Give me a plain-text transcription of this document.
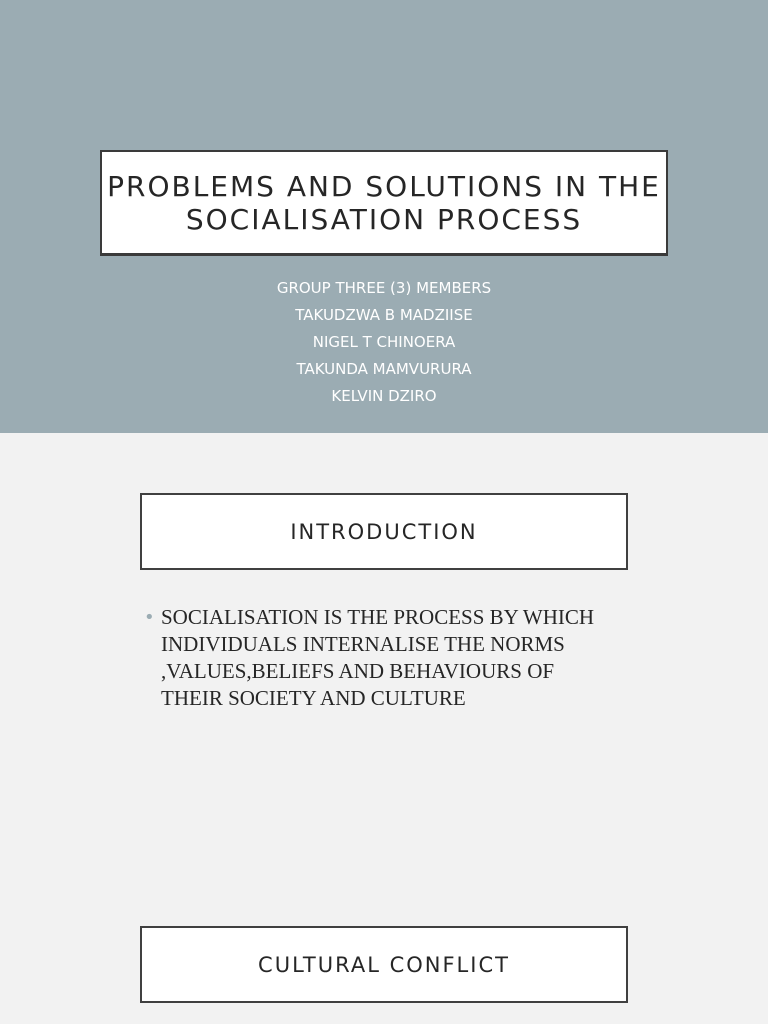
PROBLEMS AND SOLUTIONS IN THE SOCIALISATION PROCESS
GROUP THREE (3) MEMBERS
TAKUDZWA B MADZIISE
NIGEL T CHINOERA
TAKUNDA MAMVURURA
KELVIN DZIRO
INTRODUCTION
• SOCIALISATION IS THE PROCESS BY WHICH INDIVIDUALS INTERNALISE THE NORMS ,VALUES,BELIEFS AND BEHAVIOURS OF THEIR SOCIETY AND CULTURE
CULTURAL CONFLICT
